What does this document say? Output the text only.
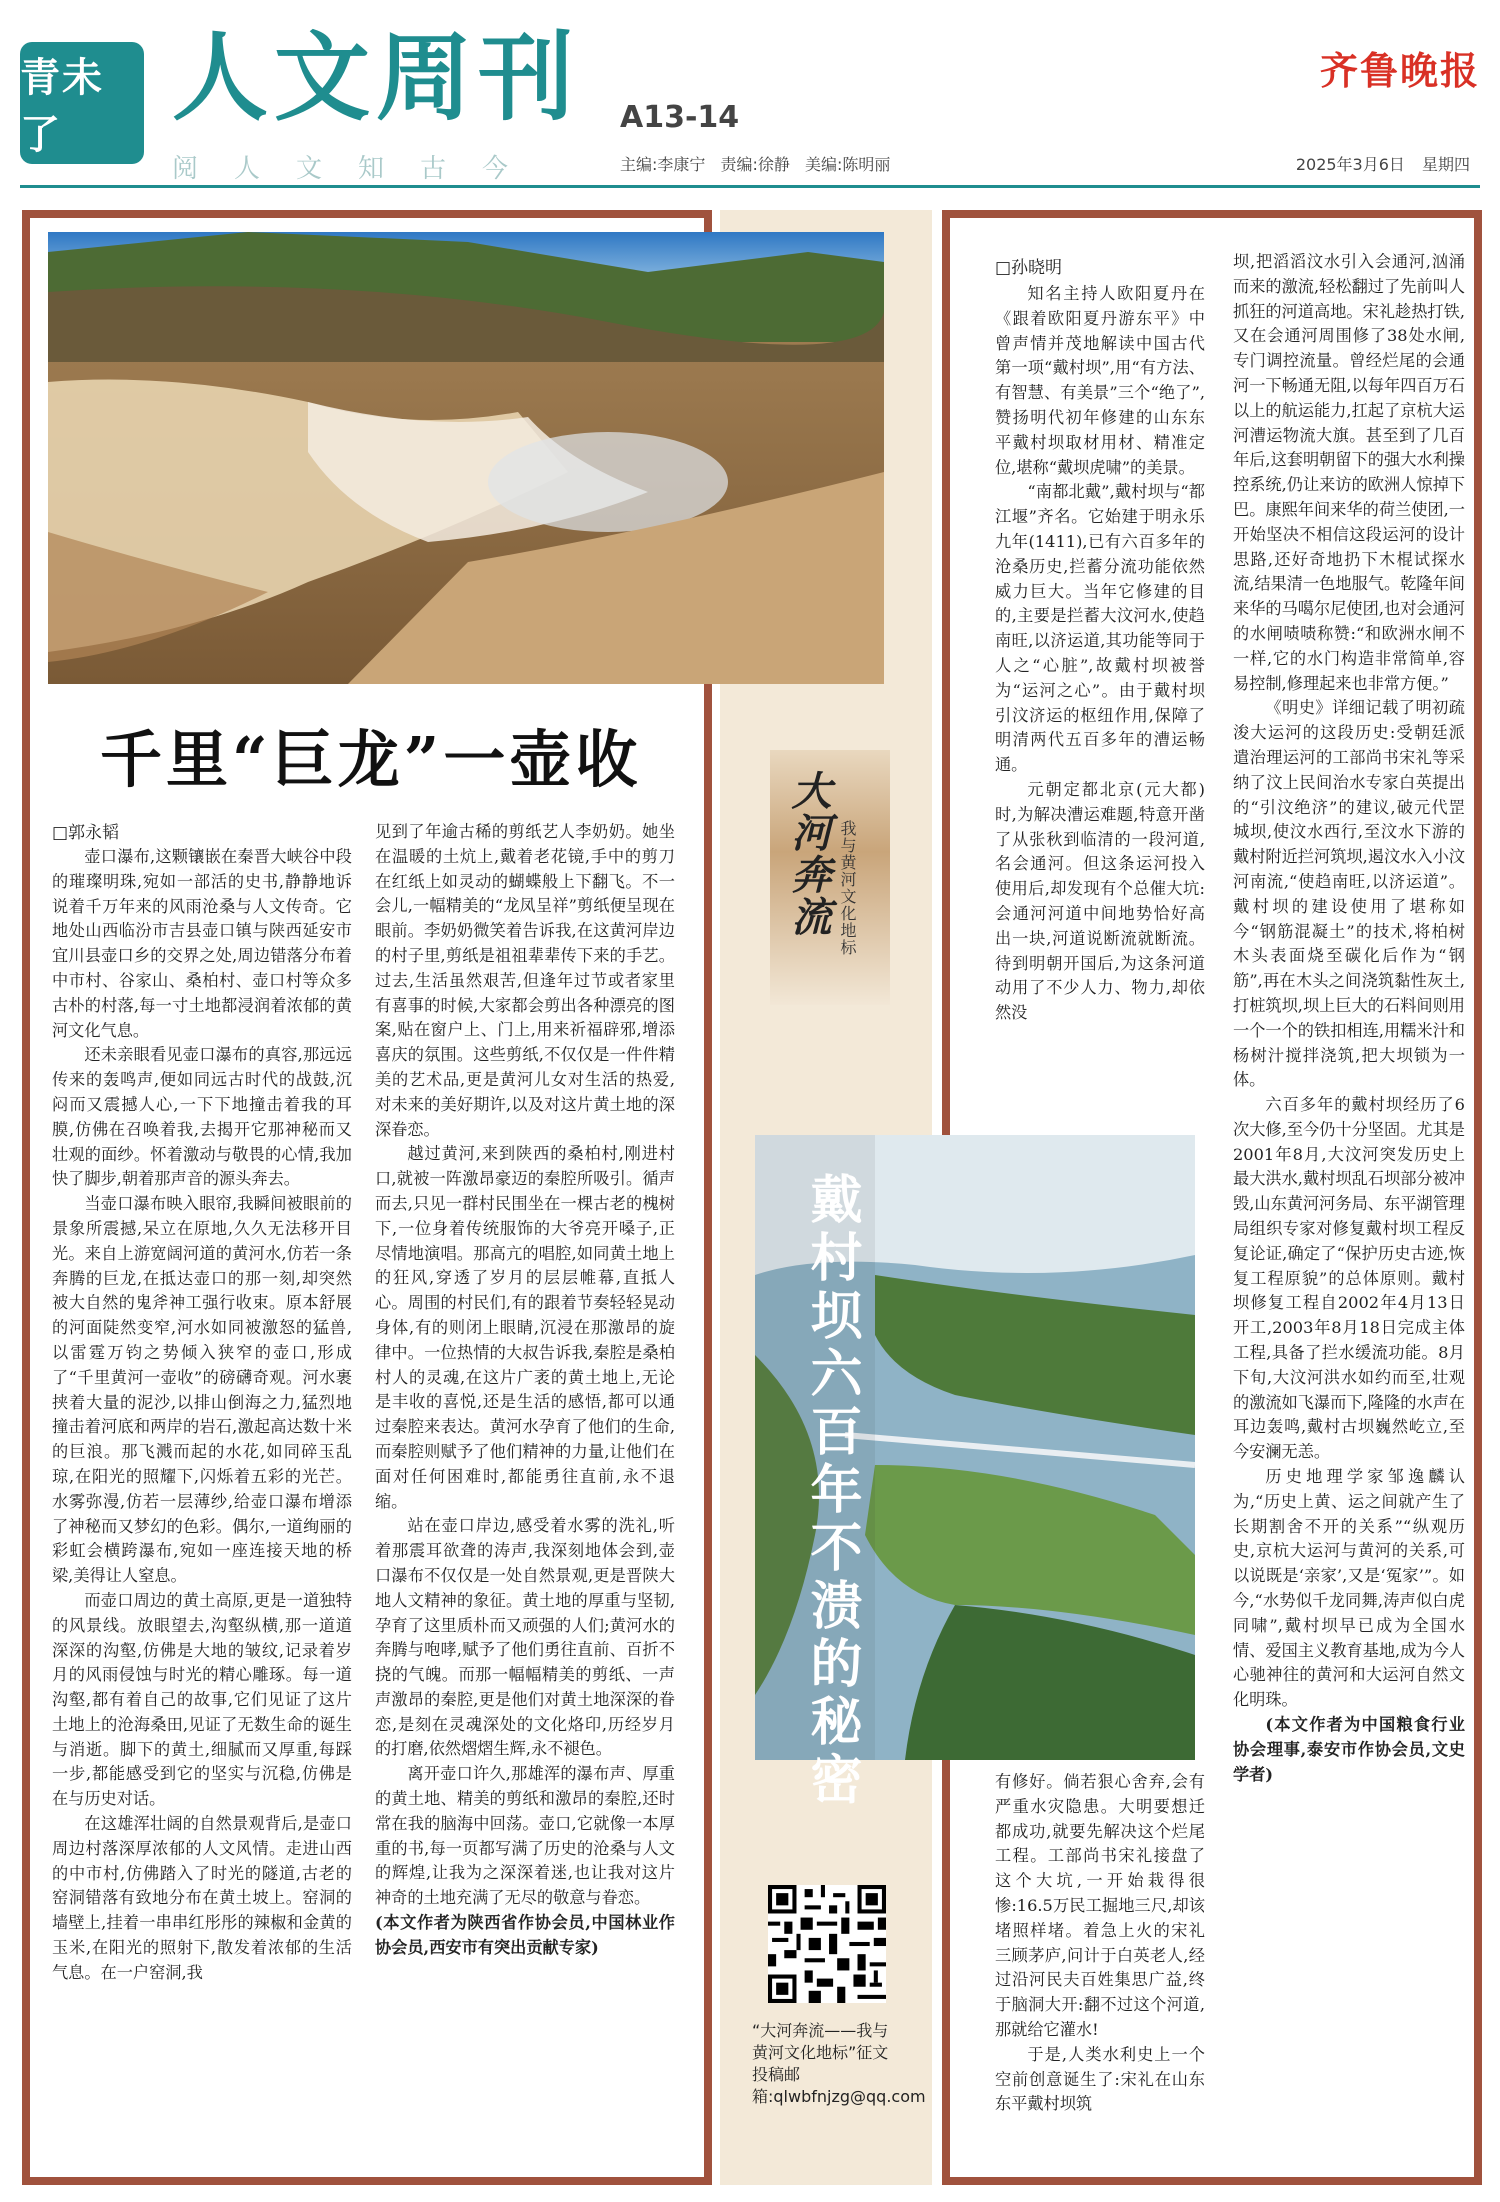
青未了
人文周刊
阅人文知古今
A13-14
主编:李康宁 责编:徐静 美编:陈明丽
齐鲁晚报
2025年3月6日 星期四
千里“巨龙”一壶收
□郭永韬

壶口瀑布,这颗镶嵌在秦晋大峡谷中段的璀璨明珠,宛如一部活的史书,静静地诉说着千万年来的风雨沧桑与人文传奇。它地处山西临汾市吉县壶口镇与陕西延安市宜川县壶口乡的交界之处,周边错落分布着中市村、谷家山、桑柏村、壶口村等众多古朴的村落,每一寸土地都浸润着浓郁的黄河文化气息。

还未亲眼看见壶口瀑布的真容,那远远传来的轰鸣声,便如同远古时代的战鼓,沉闷而又震撼人心,一下下地撞击着我的耳膜,仿佛在召唤着我,去揭开它那神秘而又壮观的面纱。怀着激动与敬畏的心情,我加快了脚步,朝着那声音的源头奔去。

当壶口瀑布映入眼帘,我瞬间被眼前的景象所震撼,呆立在原地,久久无法移开目光。来自上游宽阔河道的黄河水,仿若一条奔腾的巨龙,在抵达壶口的那一刻,却突然被大自然的鬼斧神工强行收束。原本舒展的河面陡然变窄,河水如同被激怒的猛兽,以雷霆万钧之势倾入狭窄的壶口,形成了“千里黄河一壶收”的磅礴奇观。河水裹挟着大量的泥沙,以排山倒海之力,猛烈地撞击着河底和两岸的岩石,激起高达数十米的巨浪。那飞溅而起的水花,如同碎玉乱琼,在阳光的照耀下,闪烁着五彩的光芒。水雾弥漫,仿若一层薄纱,给壶口瀑布增添了神秘而又梦幻的色彩。偶尔,一道绚丽的彩虹会横跨瀑布,宛如一座连接天地的桥梁,美得让人窒息。

而壶口周边的黄土高原,更是一道独特的风景线。放眼望去,沟壑纵横,那一道道深深的沟壑,仿佛是大地的皱纹,记录着岁月的风雨侵蚀与时光的精心雕琢。每一道沟壑,都有着自己的故事,它们见证了这片土地上的沧海桑田,见证了无数生命的诞生与消逝。脚下的黄土,细腻而又厚重,每踩一步,都能感受到它的坚实与沉稳,仿佛是在与历史对话。

在这雄浑壮阔的自然景观背后,是壶口周边村落深厚浓郁的人文风情。走进山西的中市村,仿佛踏入了时光的隧道,古老的窑洞错落有致地分布在黄土坡上。窑洞的墙壁上,挂着一串串红彤彤的辣椒和金黄的玉米,在阳光的照射下,散发着浓郁的生活气息。在一户窑洞,我

见到了年逾古稀的剪纸艺人李奶奶。她坐在温暖的土炕上,戴着老花镜,手中的剪刀在红纸上如灵动的蝴蝶般上下翻飞。不一会儿,一幅精美的“龙凤呈祥”剪纸便呈现在眼前。李奶奶微笑着告诉我,在这黄河岸边的村子里,剪纸是祖祖辈辈传下来的手艺。过去,生活虽然艰苦,但逢年过节或者家里有喜事的时候,大家都会剪出各种漂亮的图案,贴在窗户上、门上,用来祈福辟邪,增添喜庆的氛围。这些剪纸,不仅仅是一件件精美的艺术品,更是黄河儿女对生活的热爱,对未来的美好期许,以及对这片黄土地的深深眷恋。

越过黄河,来到陕西的桑柏村,刚进村口,就被一阵激昂豪迈的秦腔所吸引。循声而去,只见一群村民围坐在一棵古老的槐树下,一位身着传统服饰的大爷亮开嗓子,正尽情地演唱。那高亢的唱腔,如同黄土地上的狂风,穿透了岁月的层层帷幕,直抵人心。周围的村民们,有的跟着节奏轻轻晃动身体,有的则闭上眼睛,沉浸在那激昂的旋律中。一位热情的大叔告诉我,秦腔是桑柏村人的灵魂,在这片广袤的黄土地上,无论是丰收的喜悦,还是生活的感悟,都可以通过秦腔来表达。黄河水孕育了他们的生命,而秦腔则赋予了他们精神的力量,让他们在面对任何困难时,都能勇往直前,永不退缩。

站在壶口岸边,感受着水雾的洗礼,听着那震耳欲聋的涛声,我深刻地体会到,壶口瀑布不仅仅是一处自然景观,更是晋陕大地人文精神的象征。黄土地的厚重与坚韧,孕育了这里质朴而又顽强的人们;黄河水的奔腾与咆哮,赋予了他们勇往直前、百折不挠的气魄。而那一幅幅精美的剪纸、一声声激昂的秦腔,更是他们对黄土地深深的眷恋,是刻在灵魂深处的文化烙印,历经岁月的打磨,依然熠熠生辉,永不褪色。

离开壶口许久,那雄浑的瀑布声、厚重的黄土地、精美的剪纸和激昂的秦腔,还时常在我的脑海中回荡。壶口,它就像一本厚重的书,每一页都写满了历史的沧桑与人文的辉煌,让我为之深深着迷,也让我对这片神奇的土地充满了无尽的敬意与眷恋。

(本文作者为陕西省作协会员,中国林业作协会员,西安市有突出贡献专家)

大河奔流 我与黄河文化地标
戴村坝六百年不溃的秘密
“大河奔流——我与黄河文化地标”征文投稿邮箱:qlwbfnjzg@qq.com
□孙晓明

知名主持人欧阳夏丹在《跟着欧阳夏丹游东平》中曾声情并茂地解读中国古代第一项“戴村坝”,用“有方法、有智慧、有美景”三个“绝了”,赞扬明代初年修建的山东东平戴村坝取材用材、精准定位,堪称“戴坝虎啸”的美景。

“南都北戴”,戴村坝与“都江堰”齐名。它始建于明永乐九年(1411),已有六百多年的沧桑历史,拦蓄分流功能依然威力巨大。当年它修建的目的,主要是拦蓄大汶河水,使趋南旺,以济运道,其功能等同于人之“心脏”,故戴村坝被誉为“运河之心”。由于戴村坝引汶济运的枢纽作用,保障了明清两代五百多年的漕运畅通。

元朝定都北京(元大都)时,为解决漕运难题,特意开凿了从张秋到临清的一段河道,名会通河。但这条运河投入使用后,却发现有个总催大坑:会通河河道中间地势恰好高出一块,河道说断流就断流。待到明朝开国后,为这条河道动用了不少人力、物力,却依然没

有修好。倘若狠心舍弃,会有严重水灾隐患。大明要想迁都成功,就要先解决这个烂尾工程。工部尚书宋礼接盘了这个大坑,一开始栽得很惨:16.5万民工掘地三尺,却该堵照样堵。着急上火的宋礼三顾茅庐,问计于白英老人,经过沿河民夫百姓集思广益,终于脑洞大开:翻不过这个河道,那就给它灌水!

于是,人类水利史上一个空前创意诞生了:宋礼在山东东平戴村坝筑

坝,把滔滔汶水引入会通河,汹涌而来的激流,轻松翻过了先前叫人抓狂的河道高地。宋礼趁热打铁,又在会通河周围修了38处水闸,专门调控流量。曾经烂尾的会通河一下畅通无阻,以每年四百万石以上的航运能力,扛起了京杭大运河漕运物流大旗。甚至到了几百年后,这套明朝留下的强大水利操控系统,仍让来访的欧洲人惊掉下巴。康熙年间来华的荷兰使团,一开始坚决不相信这段运河的设计思路,还好奇地扔下木棍试探水流,结果清一色地服气。乾隆年间来华的马噶尔尼使团,也对会通河的水闸啧啧称赞:“和欧洲水闸不一样,它的水门构造非常简单,容易控制,修理起来也非常方便。”

《明史》详细记载了明初疏浚大运河的这段历史:受朝廷派遣治理运河的工部尚书宋礼等采纳了汶上民间治水专家白英提出的“引汶绝济”的建议,破元代罡城坝,使汶水西行,至汶水下游的戴村附近拦河筑坝,遏汶水入小汶河南流,“使趋南旺,以济运道”。戴村坝的建设使用了堪称如今“钢筋混凝土”的技术,将柏树木头表面烧至碳化后作为“钢筋”,再在木头之间浇筑黏性灰土,打桩筑坝,坝上巨大的石料间则用一个一个的铁扣相连,用糯米汁和杨树汁搅拌浇筑,把大坝锁为一体。

六百多年的戴村坝经历了6次大修,至今仍十分坚固。尤其是2001年8月,大汶河突发历史上最大洪水,戴村坝乱石坝部分被冲毁,山东黄河河务局、东平湖管理局组织专家对修复戴村坝工程反复论证,确定了“保护历史古迹,恢复工程原貌”的总体原则。戴村坝修复工程自2002年4月13日开工,2003年8月18日完成主体工程,具备了拦水缓流功能。8月下旬,大汶河洪水如约而至,壮观的激流如飞瀑而下,隆隆的水声在耳边轰鸣,戴村古坝巍然屹立,至今安澜无恙。

历史地理学家邹逸麟认为,“历史上黄、运之间就产生了长期割舍不开的关系”“纵观历史,京杭大运河与黄河的关系,可以说既是‘亲家’,又是‘冤家’”。如今,“水势似千龙同舞,涛声似白虎同啸”,戴村坝早已成为全国水情、爱国主义教育基地,成为今人心驰神往的黄河和大运河自然文化明珠。

(本文作者为中国粮食行业协会理事,泰安市作协会员,文史学者)
